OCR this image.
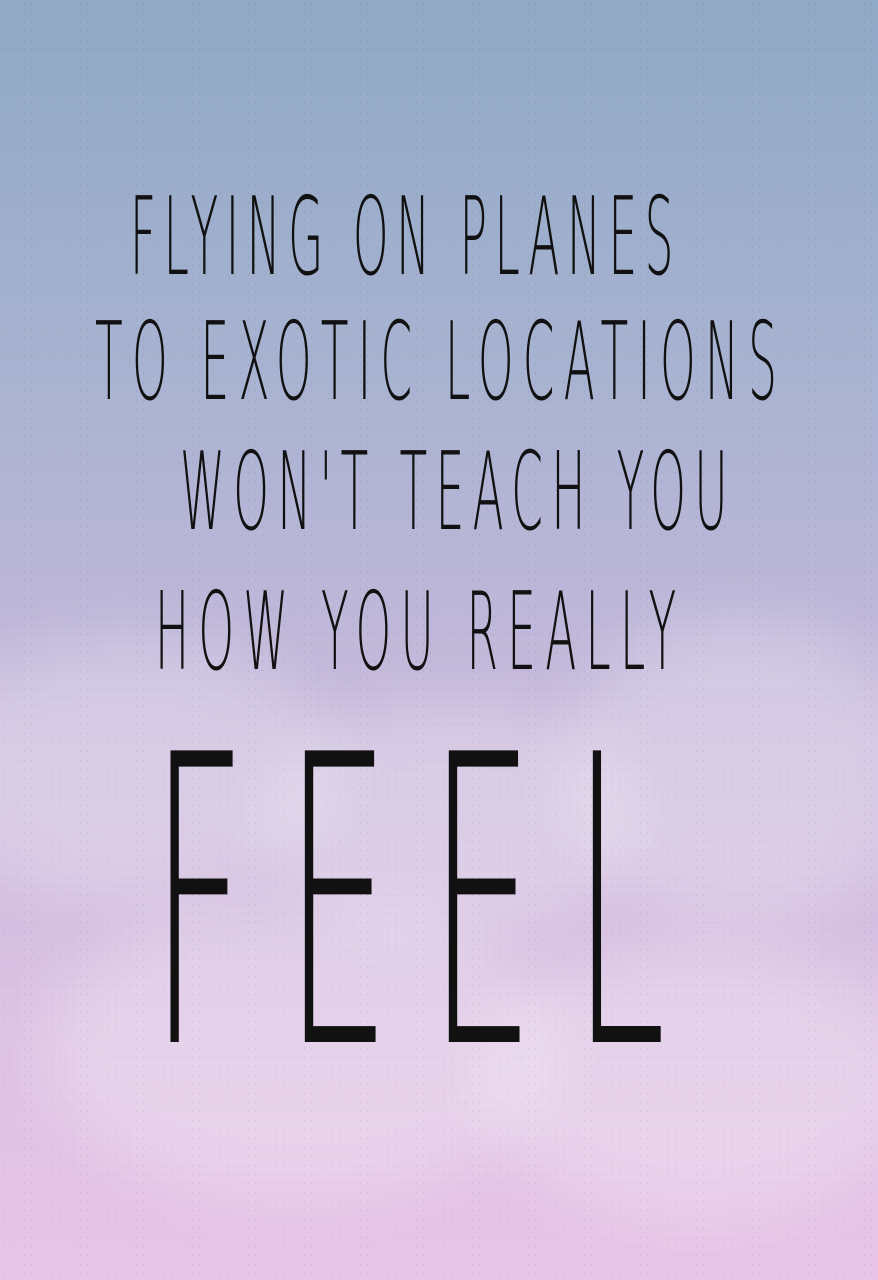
FLYING ON PLANES
TO EXOTIC LOCATIONS
WON'T TEACH YOU
HOW YOU REALLY
FEEL
